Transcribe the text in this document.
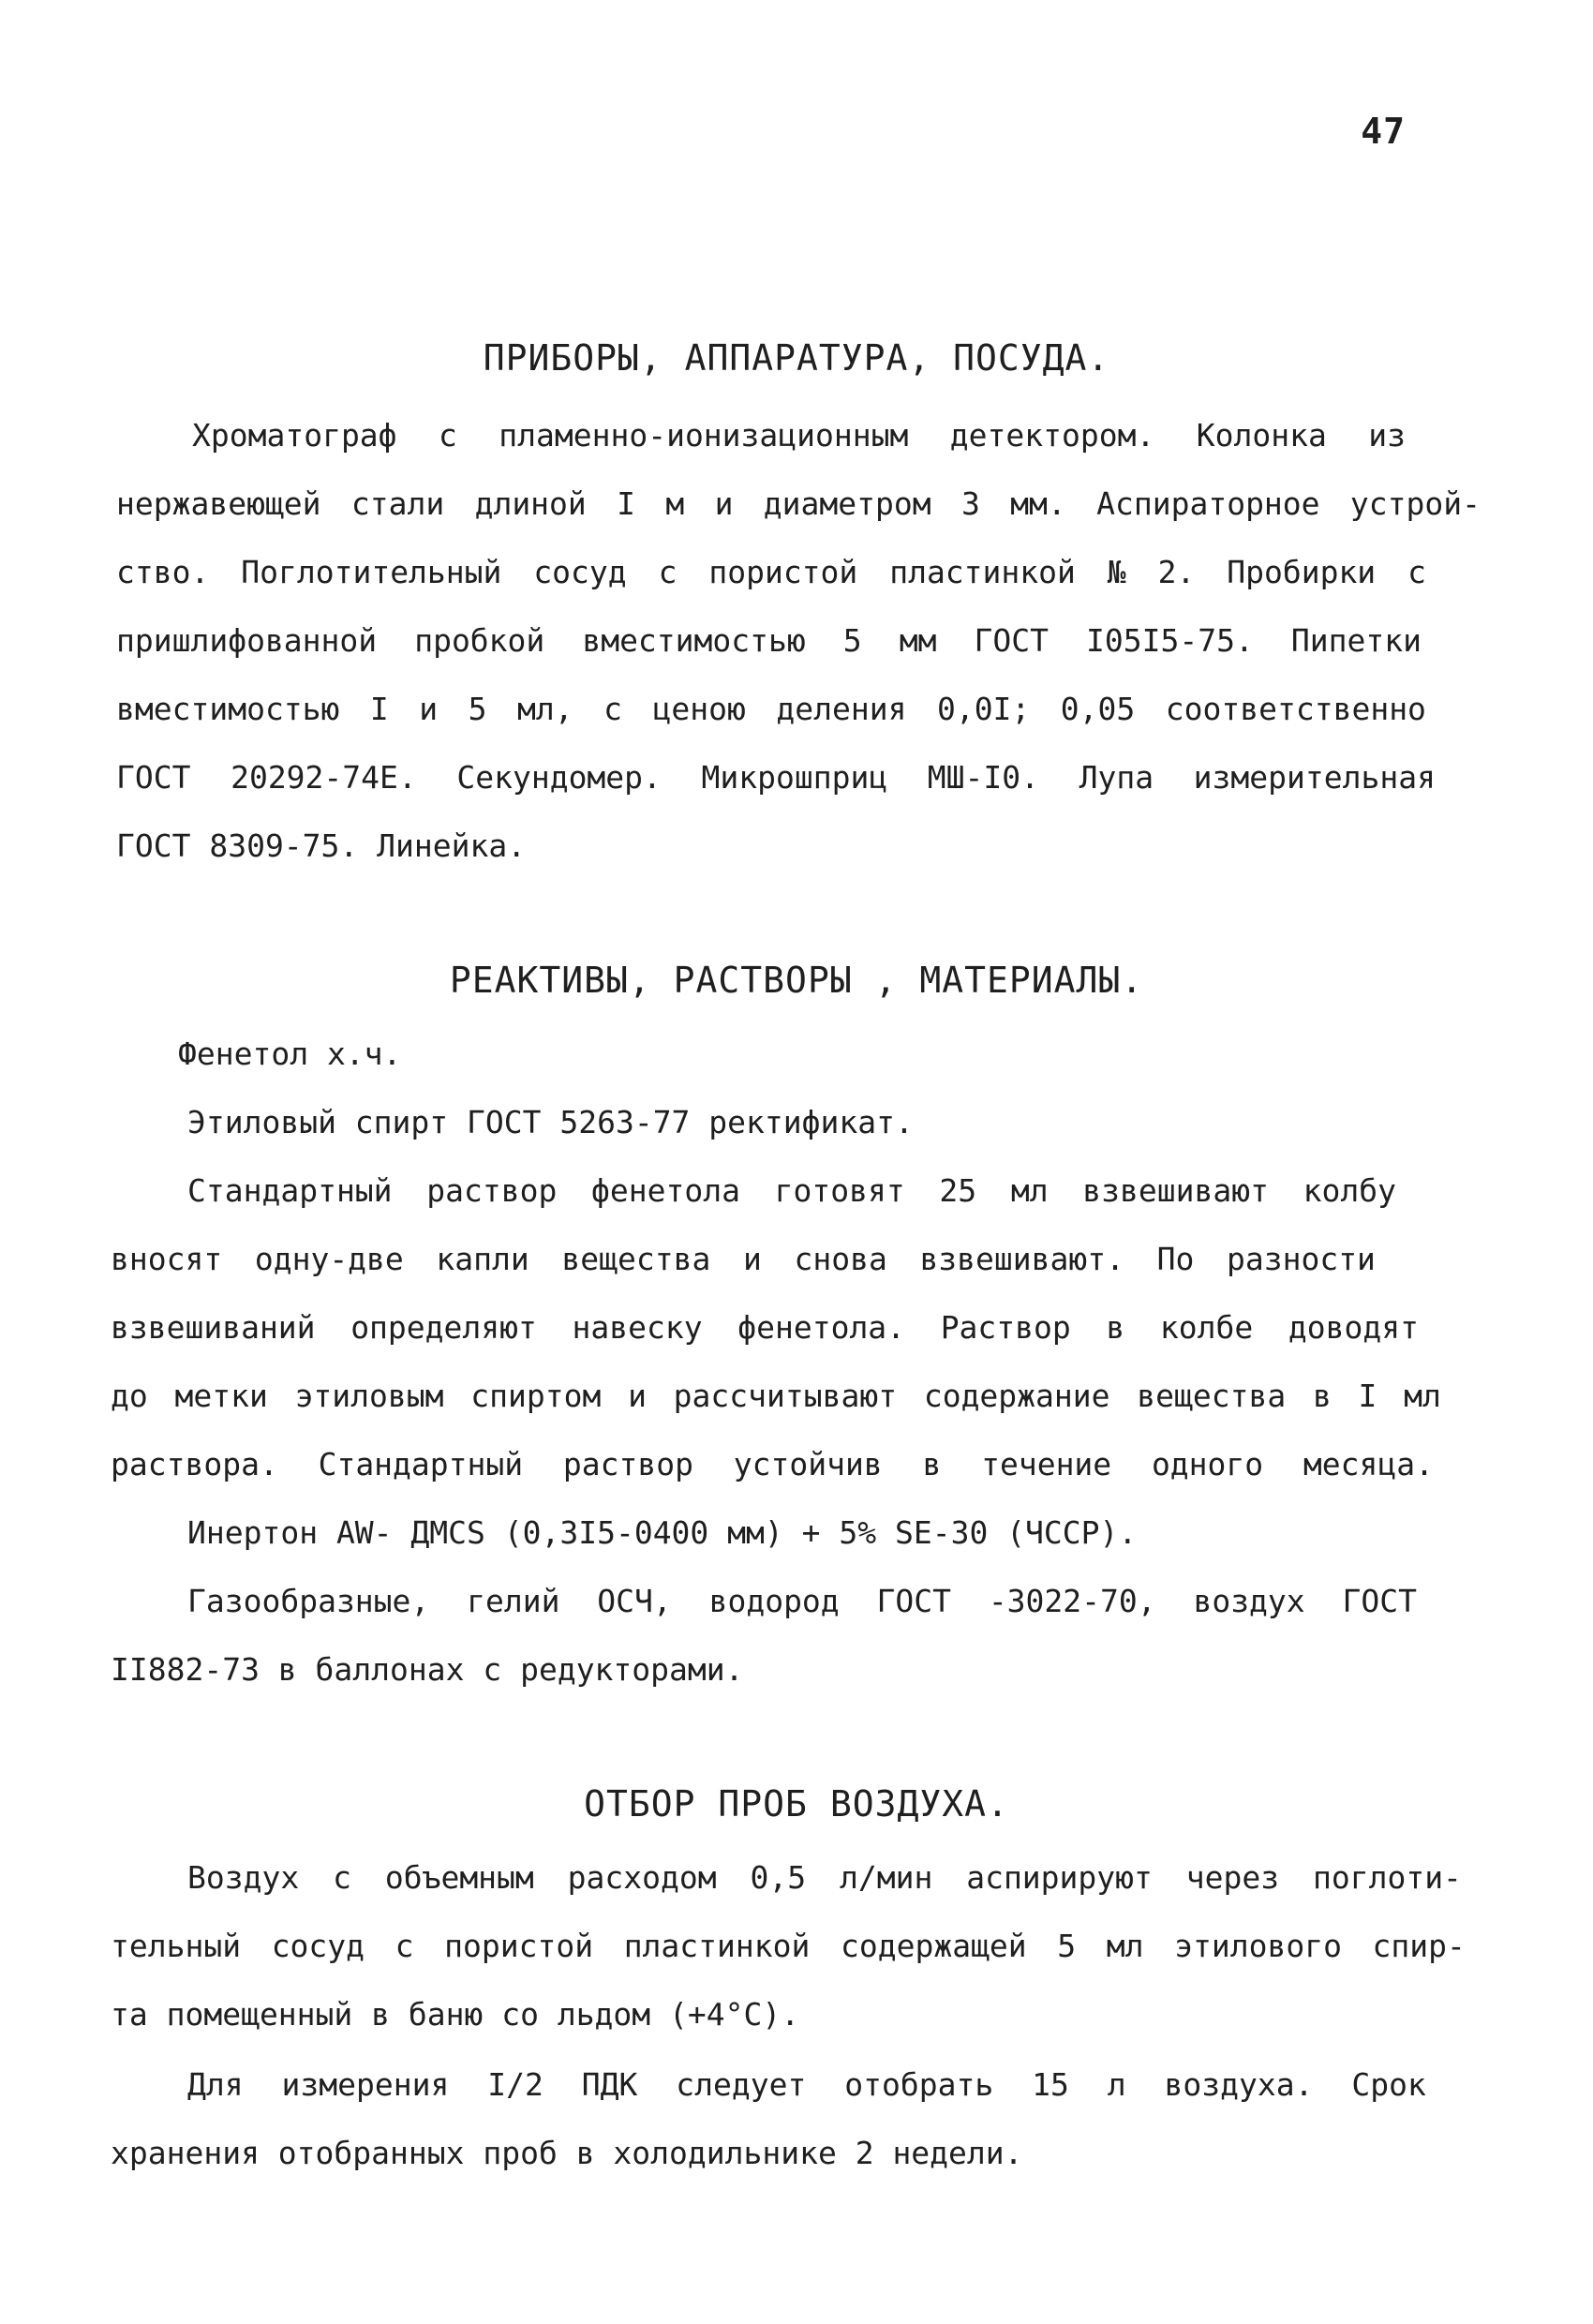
47
ПРИБОРЫ, АППАРАТУРА, ПОСУДА.
Хроматограф с пламенно-ионизационным детектором. Колонка из
нержавеющей стали длиной I м и диаметром 3 мм. Аспираторное устрой-
ство. Поглотительный сосуд с пористой пластинкой № 2. Пробирки с
пришлифованной пробкой вместимостью 5 мм ГОСТ I05I5-75. Пипетки
вместимостью I и 5 мл, с ценою деления 0,0I; 0,05 соответственно
ГОСТ 20292-74Е. Секундомер. Микрошприц МШ-I0. Лупа измерительная
ГОСТ 8309-75. Линейка.
РЕАКТИВЫ, РАСТВОРЫ , МАТЕРИАЛЫ.
Фенетол х.ч.
Этиловый спирт ГОСТ 5263-77 ректификат.
Стандартный раствор фенетола готовят 25 мл взвешивают колбу
вносят одну-две капли вещества и снова взвешивают. По разности
взвешиваний определяют навеску фенетола. Раствор в колбе доводят
до метки этиловым спиртом и рассчитывают содержание вещества в I мл
раствора. Стандартный раствор устойчив в течение одного месяца.
Инертон AW- ДМCS (0,3I5-0400 мм) + 5% SE-30 (ЧССР).
Газообразные, гелий ОСЧ, водород ГОСТ -3022-70, воздух ГОСТ
II882-73 в баллонах с редукторами.
ОТБОР ПРОБ ВОЗДУХА.
Воздух с объемным расходом 0,5 л/мин аспирируют через поглоти-
тельный сосуд с пористой пластинкой содержащей 5 мл этилового спир-
та помещенный в баню со льдом (+4°С).
Для измерения I/2 ПДК следует отобрать 15 л воздуха. Срок
хранения отобранных проб в холодильнике 2 недели.
